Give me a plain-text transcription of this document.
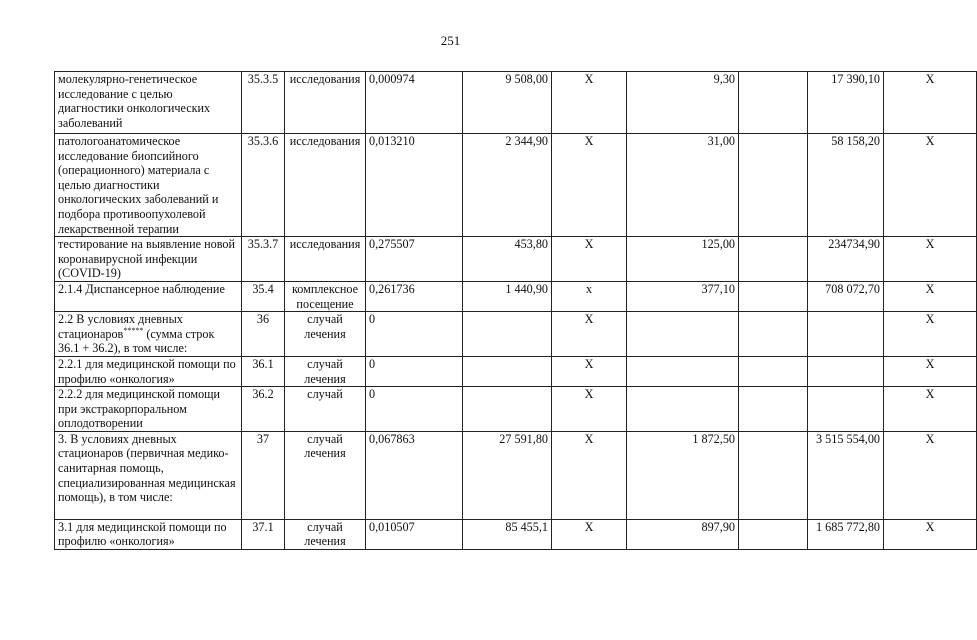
251
молекулярно-генетическое исследование с целью диагностики онкологических заболеваний	35.3.5	исследования	0,000974	9 508,00	Х	9,30		17 390,10	Х
патологоанатомическое исследование биопсийного (операционного) материала с целью диагностики онкологических заболеваний и подбора противоопухолевой лекарственной терапии	35.3.6	исследования	0,013210	2 344,90	Х	31,00		58 158,20	Х
тестирование на выявление новой коронавирусной инфекции (COVID-19)	35.3.7	исследования	0,275507	453,80	Х	125,00		234734,90	Х
2.1.4 Диспансерное наблюдение	35.4	комплексное посещение	0,261736	1 440,90	х	377,10		708 072,70	Х
2.2 В условиях дневных стационаров***** (сумма строк 36.1 + 36.2), в том числе:	36	случай лечения	0		Х				Х
2.2.1 для медицинской помощи по профилю «онкология»	36.1	случай лечения	0		Х				Х
2.2.2 для медицинской помощи при экстракорпоральном оплодотворении	36.2	случай	0		Х				Х
3. В условиях дневных стационаров (первичная медико-санитарная помощь, специализированная медицинская помощь), в том числе:	37	случай лечения	0,067863	27 591,80	Х	1 872,50		3 515 554,00	Х
3.1 для медицинской помощи по профилю «онкология»	37.1	случай лечения	0,010507	85 455,1	Х	897,90		1 685 772,80	Х
